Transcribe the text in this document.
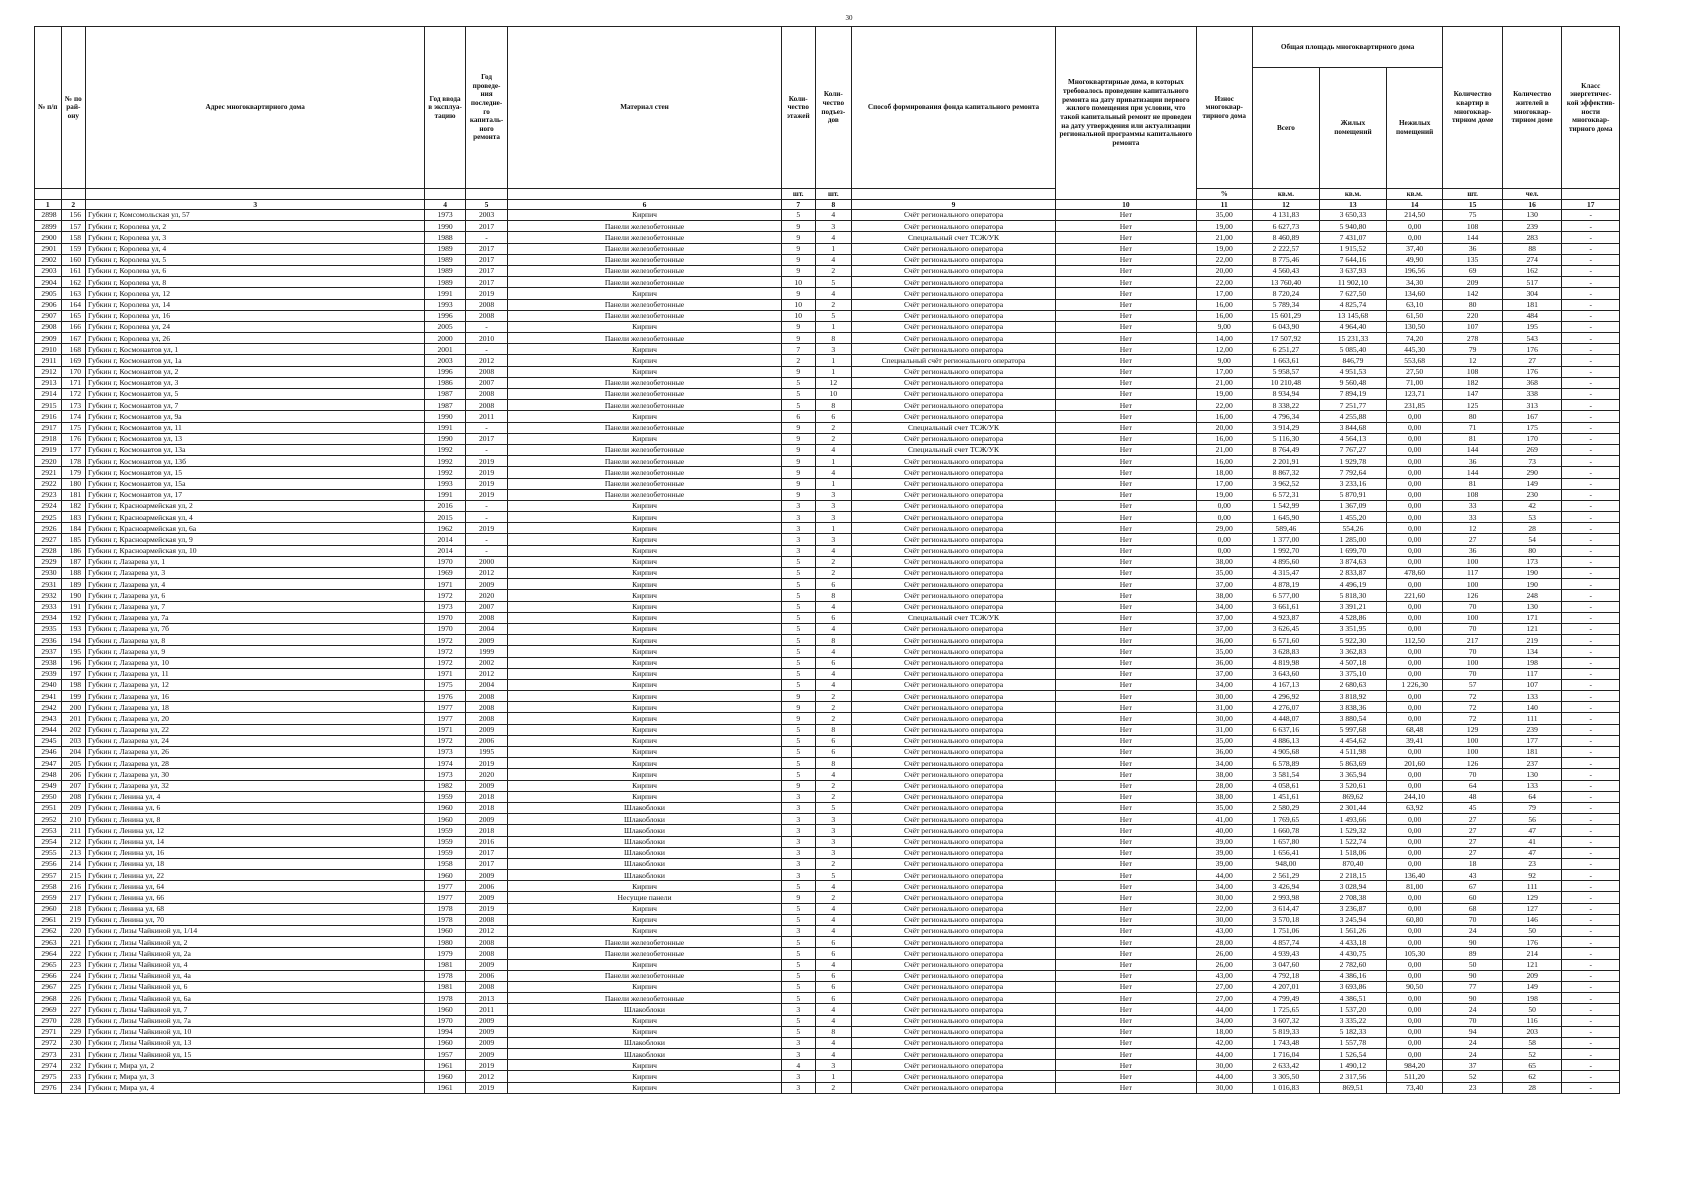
30
№ п/п	№ по рай-ону	Адрес многоквартирного дома	Год ввода в эксплуа-тацию	Год проведе-ния последне-го капиталь-ного ремонта	Материал стен	Коли-чество этажей	Коли-чество подъез-дов	Способ формирования фонда капитального ремонта	Многоквартирные дома, в которых требовалось проведение капитального ремонта на дату приватизации первого жилого помещения при условии, что такой капитальный ремонт не проведен на дату утверждения или актуализации региональной программы капитального ремонта	Износ многоквар-тирного дома	Общая площадь многоквартирного дома			Количество квартир в многоквар-тирном доме	Количество жителей в многоквар-тирном доме	Класс энергетичес-кой эффектив-ности многоквар-тирного дома
											Всего	Жилых помещений	Нежилых помещений			
						шт.	шт.			%	кв.м.	кв.м.	кв.м.	шт.	чел.	
1	2	3	4	5	6	7	8	9	10	11	12	13	14	15	16	17
2898	156	Губкин г, Комсомольская ул, 57	1973	2003	Кирпич	5	4	Счёт регионального оператора	Нет	35,00	4 131,83	3 650,33	214,50	75	130	-
2899	157	Губкин г, Королева ул, 2	1990	2017	Панели железобетонные	9	3	Счёт регионального оператора	Нет	19,00	6 627,73	5 940,80	0,00	108	239	-
2900	158	Губкин г, Королева ул, 3	1988	-	Панели железобетонные	9	4	Специальный счет ТСЖ/УК	Нет	21,00	8 460,89	7 431,07	0,00	144	283	-
2901	159	Губкин г, Королева ул, 4	1989	2017	Панели железобетонные	9	1	Счёт регионального оператора	Нет	19,00	2 222,57	1 915,52	37,40	36	88	-
2902	160	Губкин г, Королева ул, 5	1989	2017	Панели железобетонные	9	4	Счёт регионального оператора	Нет	22,00	8 775,46	7 644,16	49,90	135	274	-
2903	161	Губкин г, Королева ул, 6	1989	2017	Панели железобетонные	9	2	Счёт регионального оператора	Нет	20,00	4 560,43	3 637,93	196,56	69	162	-
2904	162	Губкин г, Королева ул, 8	1989	2017	Панели железобетонные	10	5	Счёт регионального оператора	Нет	22,00	13 760,40	11 902,10	34,30	209	517	-
2905	163	Губкин г, Королева ул, 12	1991	2019	Кирпич	9	4	Счёт регионального оператора	Нет	17,00	8 720,24	7 627,50	134,60	142	304	-
2906	164	Губкин г, Королева ул, 14	1993	2008	Панели железобетонные	10	2	Счёт регионального оператора	Нет	16,00	5 789,34	4 825,74	63,10	80	181	-
2907	165	Губкин г, Королева ул, 16	1996	2008	Панели железобетонные	10	5	Счёт регионального оператора	Нет	16,00	15 601,29	13 145,68	61,50	220	484	-
2908	166	Губкин г, Королева ул, 24	2005	-	Кирпич	9	1	Счёт регионального оператора	Нет	9,00	6 043,90	4 964,40	130,50	107	195	-
2909	167	Губкин г, Королева ул, 26	2000	2010	Панели железобетонные	9	8	Счёт регионального оператора	Нет	14,00	17 507,92	15 231,33	74,20	278	543	-
2910	168	Губкин г, Космонавтов ул, 1	2001	-	Кирпич	7	3	Счёт регионального оператора	Нет	12,00	6 251,27	5 085,40	445,30	79	176	-
2911	169	Губкин г, Космонавтов ул, 1а	2003	2012	Кирпич	2	1	Специальный счёт регионального оператора	Нет	9,00	1 663,61	846,79	553,68	12	27	-
2912	170	Губкин г, Космонавтов ул, 2	1996	2008	Кирпич	9	1	Счёт регионального оператора	Нет	17,00	5 958,57	4 951,53	27,50	108	176	-
2913	171	Губкин г, Космонавтов ул, 3	1986	2007	Панели железобетонные	5	12	Счёт регионального оператора	Нет	21,00	10 210,48	9 560,48	71,00	182	368	-
2914	172	Губкин г, Космонавтов ул, 5	1987	2008	Панели железобетонные	5	10	Счёт регионального оператора	Нет	19,00	8 934,94	7 894,19	123,71	147	338	-
2915	173	Губкин г, Космонавтов ул, 7	1987	2008	Панели железобетонные	5	8	Счёт регионального оператора	Нет	22,00	8 338,22	7 251,77	231,85	125	313	-
2916	174	Губкин г, Космонавтов ул, 9а	1990	2011	Кирпич	6	6	Счёт регионального оператора	Нет	16,00	4 796,34	4 255,88	0,00	80	167	-
2917	175	Губкин г, Космонавтов ул, 11	1991	-	Панели железобетонные	9	2	Специальный счет ТСЖ/УК	Нет	20,00	3 914,29	3 844,68	0,00	71	175	-
2918	176	Губкин г, Космонавтов ул, 13	1990	2017	Кирпич	9	2	Счёт регионального оператора	Нет	16,00	5 116,30	4 564,13	0,00	81	170	-
2919	177	Губкин г, Космонавтов ул, 13а	1992	-	Панели железобетонные	9	4	Специальный счет ТСЖ/УК	Нет	21,00	8 764,49	7 767,27	0,00	144	269	-
2920	178	Губкин г, Космонавтов ул, 13б	1992	2019	Панели железобетонные	9	1	Счёт регионального оператора	Нет	16,00	2 201,91	1 929,78	0,00	36	73	-
2921	179	Губкин г, Космонавтов ул, 15	1992	2019	Панели железобетонные	9	4	Счёт регионального оператора	Нет	18,00	8 867,32	7 792,64	0,00	144	290	-
2922	180	Губкин г, Космонавтов ул, 15а	1993	2019	Панели железобетонные	9	1	Счёт регионального оператора	Нет	17,00	3 962,52	3 233,16	0,00	81	149	-
2923	181	Губкин г, Космонавтов ул, 17	1991	2019	Панели железобетонные	9	3	Счёт регионального оператора	Нет	19,00	6 572,31	5 870,91	0,00	108	230	-
2924	182	Губкин г, Красноармейская ул, 2	2016	-	Кирпич	3	3	Счёт регионального оператора	Нет	0,00	1 542,99	1 367,09	0,00	33	42	-
2925	183	Губкин г, Красноармейская ул, 4	2015	-	Кирпич	3	3	Счёт регионального оператора	Нет	0,00	1 645,90	1 455,20	0,00	33	53	-
2926	184	Губкин г, Красноармейская ул, 6а	1962	2019	Кирпич	3	1	Счёт регионального оператора	Нет	29,00	589,46	554,26	0,00	12	28	-
2927	185	Губкин г, Красноармейская ул, 9	2014	-	Кирпич	3	3	Счёт регионального оператора	Нет	0,00	1 377,00	1 285,00	0,00	27	54	-
2928	186	Губкин г, Красноармейская ул, 10	2014	-	Кирпич	3	4	Счёт регионального оператора	Нет	0,00	1 992,70	1 699,70	0,00	36	80	-
2929	187	Губкин г, Лазарева ул, 1	1970	2000	Кирпич	5	2	Счёт регионального оператора	Нет	38,00	4 895,60	3 874,63	0,00	100	173	-
2930	188	Губкин г, Лазарева ул, 3	1969	2012	Кирпич	5	2	Счёт регионального оператора	Нет	35,00	4 315,47	2 833,87	478,60	117	190	-
2931	189	Губкин г, Лазарева ул, 4	1971	2009	Кирпич	5	6	Счёт регионального оператора	Нет	37,00	4 878,19	4 496,19	0,00	100	190	-
2932	190	Губкин г, Лазарева ул, 6	1972	2020	Кирпич	5	8	Счёт регионального оператора	Нет	38,00	6 577,00	5 818,30	221,60	126	248	-
2933	191	Губкин г, Лазарева ул, 7	1973	2007	Кирпич	5	4	Счёт регионального оператора	Нет	34,00	3 661,61	3 391,21	0,00	70	130	-
2934	192	Губкин г, Лазарева ул, 7а	1970	2008	Кирпич	5	6	Специальный счет ТСЖ/УК	Нет	37,00	4 923,87	4 528,86	0,00	100	171	-
2935	193	Губкин г, Лазарева ул, 7б	1970	2004	Кирпич	5	4	Счёт регионального оператора	Нет	37,00	3 626,45	3 351,95	0,00	70	121	-
2936	194	Губкин г, Лазарева ул, 8	1972	2009	Кирпич	5	8	Счёт регионального оператора	Нет	36,00	6 571,60	5 922,30	112,50	217	219	-
2937	195	Губкин г, Лазарева ул, 9	1972	1999	Кирпич	5	4	Счёт регионального оператора	Нет	35,00	3 628,83	3 362,83	0,00	70	134	-
2938	196	Губкин г, Лазарева ул, 10	1972	2002	Кирпич	5	6	Счёт регионального оператора	Нет	36,00	4 819,98	4 507,18	0,00	100	198	-
2939	197	Губкин г, Лазарева ул, 11	1971	2012	Кирпич	5	4	Счёт регионального оператора	Нет	37,00	3 643,60	3 375,10	0,00	70	117	-
2940	198	Губкин г, Лазарева ул, 12	1975	2004	Кирпич	5	4	Счёт регионального оператора	Нет	34,00	4 167,13	2 680,63	1 226,30	57	107	-
2941	199	Губкин г, Лазарева ул, 16	1976	2008	Кирпич	9	2	Счёт регионального оператора	Нет	30,00	4 296,92	3 818,92	0,00	72	133	-
2942	200	Губкин г, Лазарева ул, 18	1977	2008	Кирпич	9	2	Счёт регионального оператора	Нет	31,00	4 276,07	3 838,36	0,00	72	140	-
2943	201	Губкин г, Лазарева ул, 20	1977	2008	Кирпич	9	2	Счёт регионального оператора	Нет	30,00	4 448,07	3 880,54	0,00	72	111	-
2944	202	Губкин г, Лазарева ул, 22	1971	2009	Кирпич	5	8	Счёт регионального оператора	Нет	31,00	6 637,16	5 997,68	68,48	129	239	-
2945	203	Губкин г, Лазарева ул, 24	1972	2006	Кирпич	5	6	Счёт регионального оператора	Нет	35,00	4 886,13	4 454,62	39,41	100	177	-
2946	204	Губкин г, Лазарева ул, 26	1973	1995	Кирпич	5	6	Счёт регионального оператора	Нет	36,00	4 905,68	4 511,98	0,00	100	181	-
2947	205	Губкин г, Лазарева ул, 28	1974	2019	Кирпич	5	8	Счёт регионального оператора	Нет	34,00	6 578,89	5 863,69	201,60	126	237	-
2948	206	Губкин г, Лазарева ул, 30	1973	2020	Кирпич	5	4	Счёт регионального оператора	Нет	38,00	3 581,54	3 365,94	0,00	70	130	-
2949	207	Губкин г, Лазарева ул, 32	1982	2009	Кирпич	9	2	Счёт регионального оператора	Нет	28,00	4 058,61	3 520,61	0,00	64	133	-
2950	208	Губкин г, Ленина ул, 4	1959	2018	Кирпич	3	2	Счёт регионального оператора	Нет	38,00	1 451,61	869,62	244,10	48	64	-
2951	209	Губкин г, Ленина ул, 6	1960	2018	Шлакоблоки	3	5	Счёт регионального оператора	Нет	35,00	2 580,29	2 301,44	63,92	45	79	-
2952	210	Губкин г, Ленина ул, 8	1960	2009	Шлакоблоки	3	3	Счёт регионального оператора	Нет	41,00	1 769,65	1 493,66	0,00	27	56	-
2953	211	Губкин г, Ленина ул, 12	1959	2018	Шлакоблоки	3	3	Счёт регионального оператора	Нет	40,00	1 660,78	1 529,32	0,00	27	47	-
2954	212	Губкин г, Ленина ул, 14	1959	2016	Шлакоблоки	3	3	Счёт регионального оператора	Нет	39,00	1 657,80	1 522,74	0,00	27	41	-
2955	213	Губкин г, Ленина ул, 16	1959	2017	Шлакоблоки	3	3	Счёт регионального оператора	Нет	39,00	1 656,41	1 518,06	0,00	27	47	-
2956	214	Губкин г, Ленина ул, 18	1958	2017	Шлакоблоки	3	2	Счёт регионального оператора	Нет	39,00	948,00	870,40	0,00	18	23	-
2957	215	Губкин г, Ленина ул, 22	1960	2009	Шлакоблоки	3	5	Счёт регионального оператора	Нет	44,00	2 561,29	2 218,15	136,40	43	92	-
2958	216	Губкин г, Ленина ул, 64	1977	2006	Кирпич	5	4	Счёт регионального оператора	Нет	34,00	3 426,94	3 028,94	81,00	67	111	-
2959	217	Губкин г, Ленина ул, 66	1977	2009	Несущие панели	9	2	Счёт регионального оператора	Нет	30,00	2 993,98	2 708,38	0,00	60	129	-
2960	218	Губкин г, Ленина ул, 68	1978	2019	Кирпич	5	4	Счёт регионального оператора	Нет	22,00	3 614,47	3 236,87	0,00	68	127	-
2961	219	Губкин г, Ленина ул, 70	1978	2008	Кирпич	5	4	Счёт регионального оператора	Нет	30,00	3 570,18	3 245,94	60,80	70	146	-
2962	220	Губкин г, Лизы Чайкиной ул, 1/14	1960	2012	Кирпич	3	4	Счёт регионального оператора	Нет	43,00	1 751,06	1 561,26	0,00	24	50	-
2963	221	Губкин г, Лизы Чайкиной ул, 2	1980	2008	Панели железобетонные	5	6	Счёт регионального оператора	Нет	28,00	4 857,74	4 433,18	0,00	90	176	-
2964	222	Губкин г, Лизы Чайкиной ул, 2а	1979	2008	Панели железобетонные	5	6	Счёт регионального оператора	Нет	26,00	4 939,43	4 430,75	105,30	89	214	-
2965	223	Губкин г, Лизы Чайкиной ул, 4	1981	2009	Кирпич	5	4	Счёт регионального оператора	Нет	26,00	3 047,60	2 782,60	0,00	50	121	-
2966	224	Губкин г, Лизы Чайкиной ул, 4а	1978	2006	Панели железобетонные	5	6	Счёт регионального оператора	Нет	43,00	4 792,18	4 386,16	0,00	90	209	-
2967	225	Губкин г, Лизы Чайкиной ул, 6	1981	2008	Кирпич	5	6	Счёт регионального оператора	Нет	27,00	4 207,01	3 693,86	90,50	77	149	-
2968	226	Губкин г, Лизы Чайкиной ул, 6а	1978	2013	Панели железобетонные	5	6	Счёт регионального оператора	Нет	27,00	4 799,49	4 386,51	0,00	90	198	-
2969	227	Губкин г, Лизы Чайкиной ул, 7	1960	2011	Шлакоблоки	3	4	Счёт регионального оператора	Нет	44,00	1 725,65	1 537,20	0,00	24	50	-
2970	228	Губкин г, Лизы Чайкиной ул, 7а	1970	2009	Кирпич	5	4	Счёт регионального оператора	Нет	34,00	3 607,32	3 335,22	0,00	70	116	-
2971	229	Губкин г, Лизы Чайкиной ул, 10	1994	2009	Кирпич	5	8	Счёт регионального оператора	Нет	18,00	5 819,33	5 182,33	0,00	94	203	-
2972	230	Губкин г, Лизы Чайкиной ул, 13	1960	2009	Шлакоблоки	3	4	Счёт регионального оператора	Нет	42,00	1 743,48	1 557,78	0,00	24	58	-
2973	231	Губкин г, Лизы Чайкиной ул, 15	1957	2009	Шлакоблоки	3	4	Счёт регионального оператора	Нет	44,00	1 716,04	1 526,54	0,00	24	52	-
2974	232	Губкин г, Мира ул, 2	1961	2019	Кирпич	4	3	Счёт регионального оператора	Нет	30,00	2 633,42	1 490,12	984,20	37	65	-
2975	233	Губкин г, Мира ул, 3	1960	2012	Кирпич	3	1	Счёт регионального оператора	Нет	44,00	3 305,50	2 317,56	511,20	52	62	-
2976	234	Губкин г, Мира ул, 4	1961	2019	Кирпич	3	2	Счёт регионального оператора	Нет	30,00	1 016,83	869,51	73,40	23	28	-
